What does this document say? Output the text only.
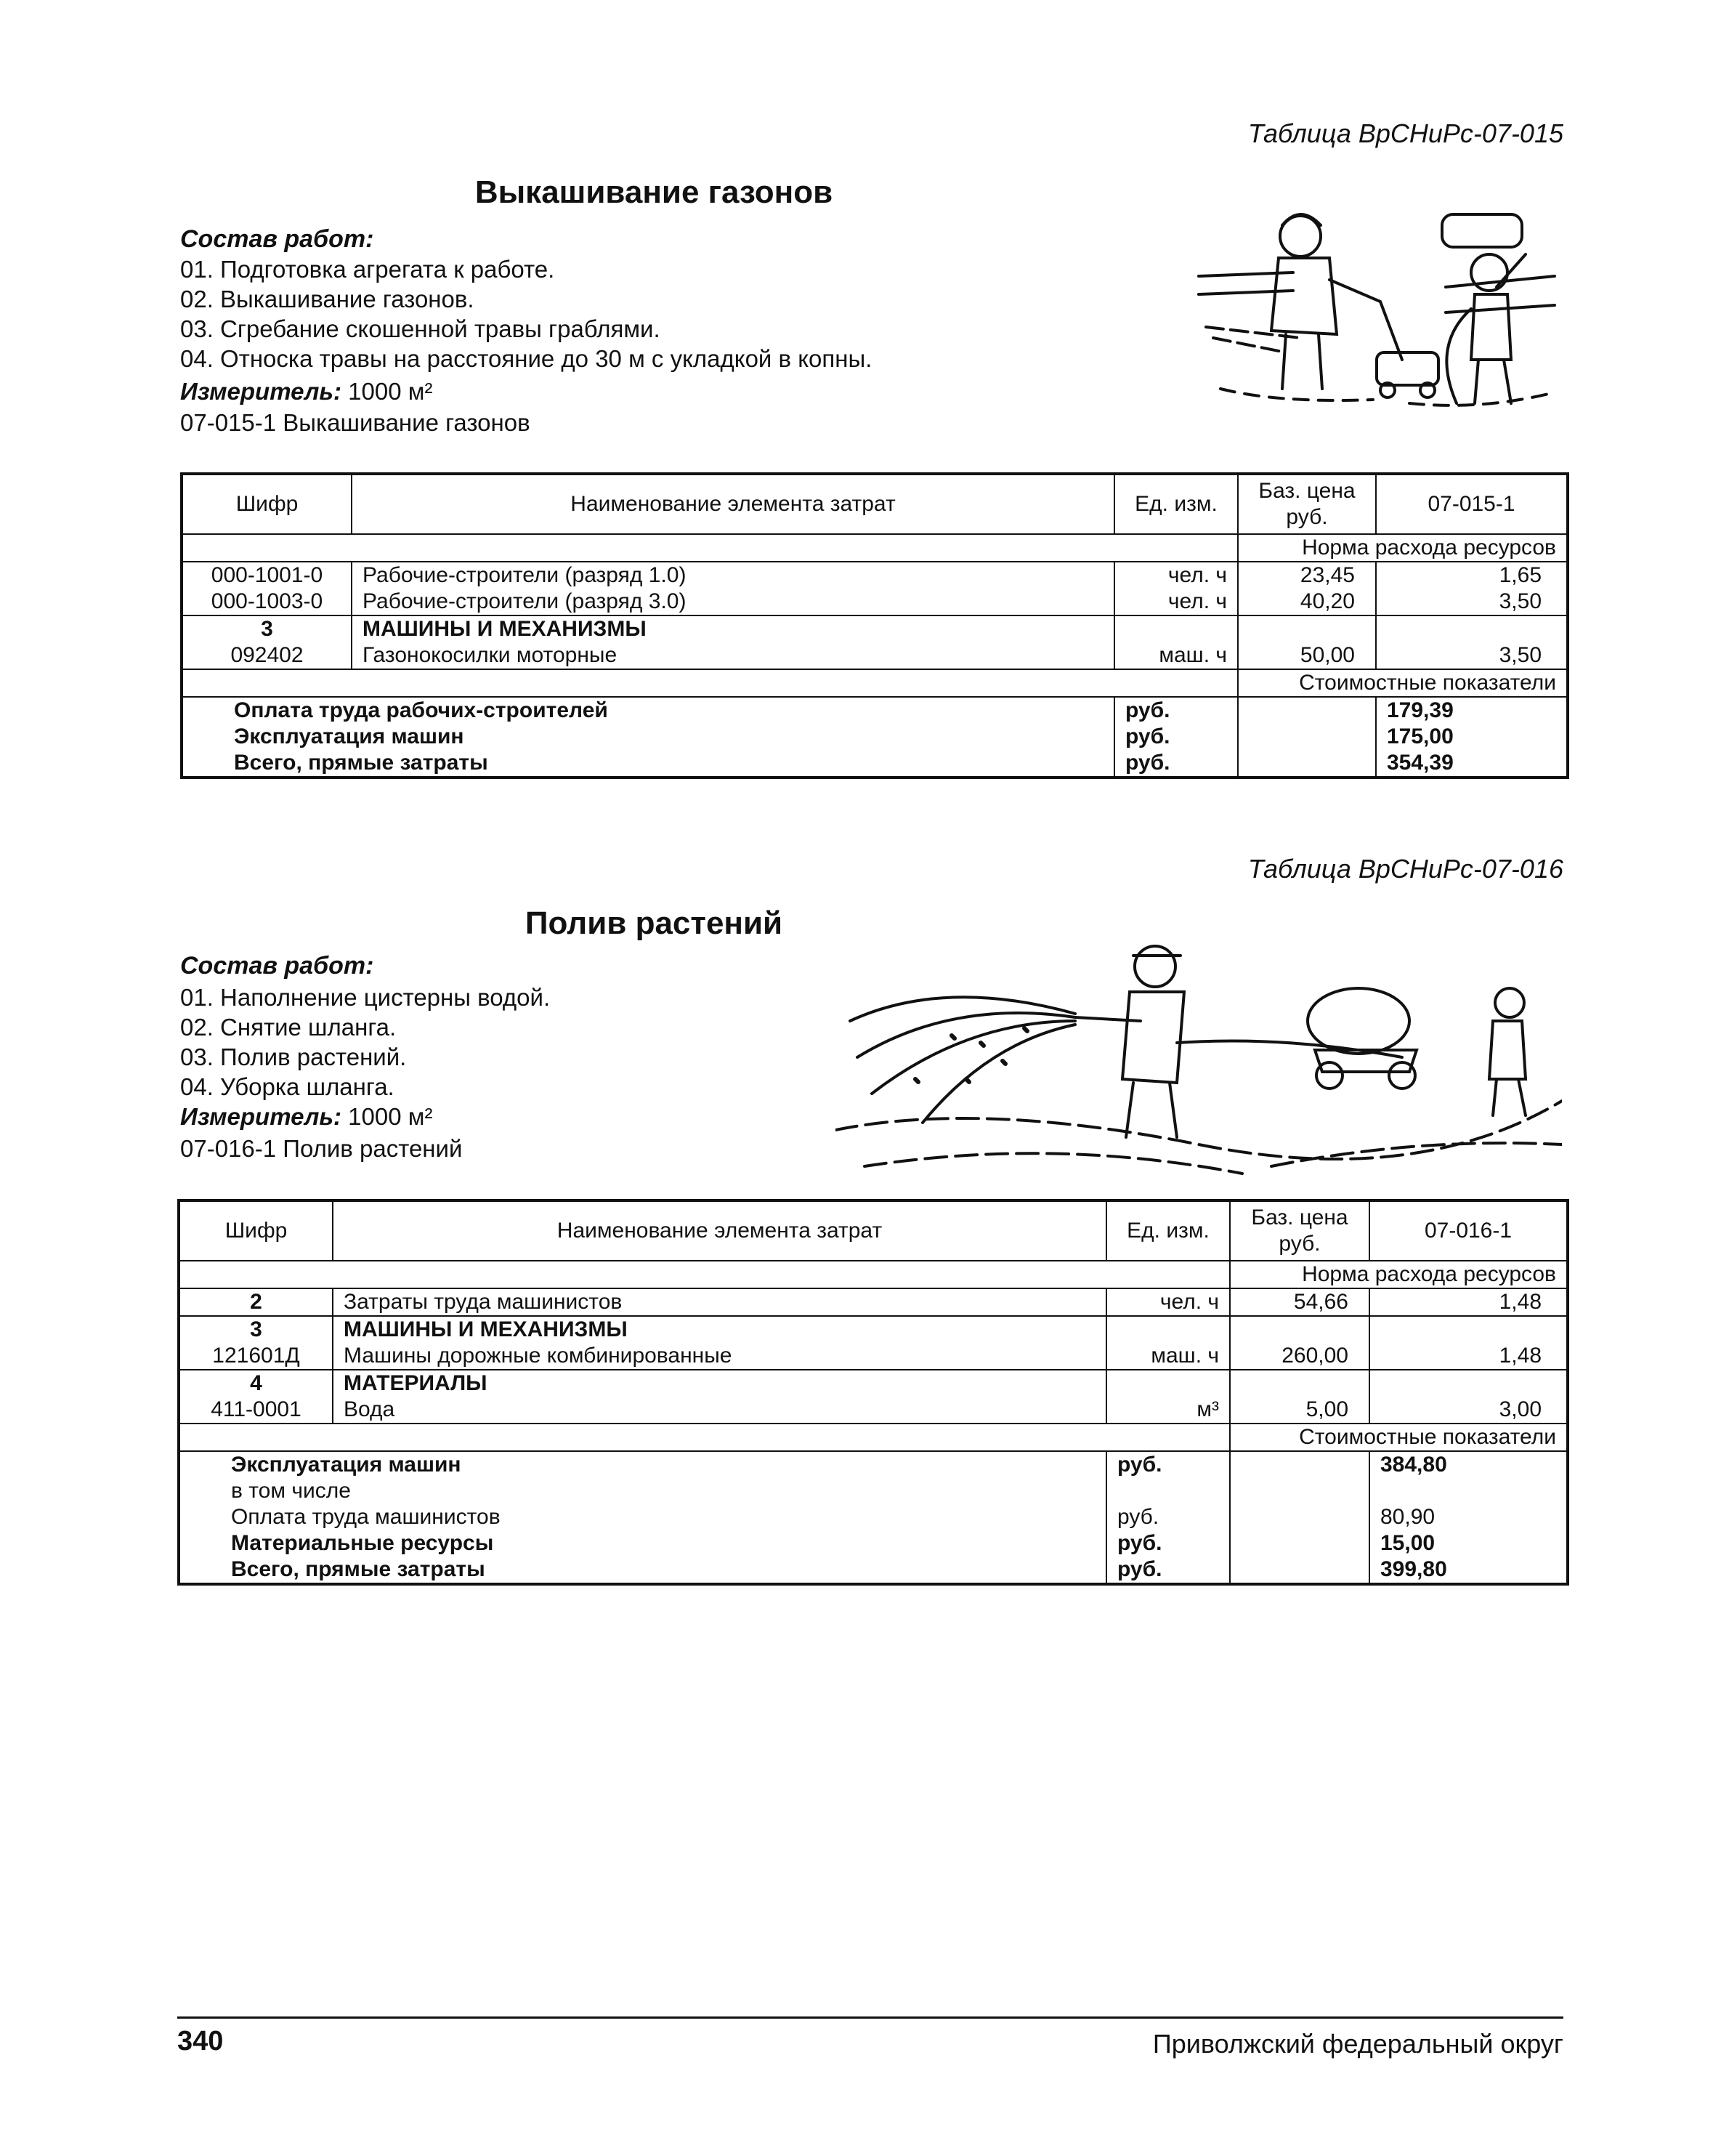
Таблица ВрСНиРс-07-015
Выкашивание газонов
Состав работ:
01. Подготовка агрегата к работе.
02. Выкашивание газонов.
03. Сгребание скошенной травы граблями.
04. Относка травы на расстояние до 30 м с укладкой в копны.
Измеритель: 1000 м²
07-015-1 Выкашивание газонов
Шифр	Наименование элемента затрат	Ед. изм.	Баз. цена руб.	07-015-1
			Норма расхода ресурсов	
000-1001-0	Рабочие-строители (разряд 1.0)	чел. ч	23,45	1,65
000-1003-0	Рабочие-строители (разряд 3.0)	чел. ч	40,20	3,50
3	МАШИНЫ И МЕХАНИЗМЫ			
092402	Газонокосилки моторные	маш. ч	50,00	3,50
			Стоимостные показатели	
Оплата труда рабочих-строителей		руб.		179,39
Эксплуатация машин		руб.		175,00
Всего, прямые затраты		руб.		354,39
Таблица ВрСНиРс-07-016
Полив растений
Состав работ:
01. Наполнение цистерны водой.
02. Снятие шланга.
03. Полив растений.
04. Уборка шланга.
Измеритель: 1000 м²
07-016-1 Полив растений
Шифр	Наименование элемента затрат	Ед. изм.	Баз. цена руб.	07-016-1
			Норма расхода ресурсов	
2	Затраты труда машинистов	чел. ч	54,66	1,48
3	МАШИНЫ И МЕХАНИЗМЫ			
121601Д	Машины дорожные комбинированные	маш. ч	260,00	1,48
4	МАТЕРИАЛЫ			
411-0001	Вода	м³	5,00	3,00
			Стоимостные показатели	
Эксплуатация машин		руб.		384,80
в том числе				
Оплата труда машинистов		руб.		80,90
Материальные ресурсы		руб.		15,00
Всего, прямые затраты		руб.		399,80
340	Приволжский федеральный округ
